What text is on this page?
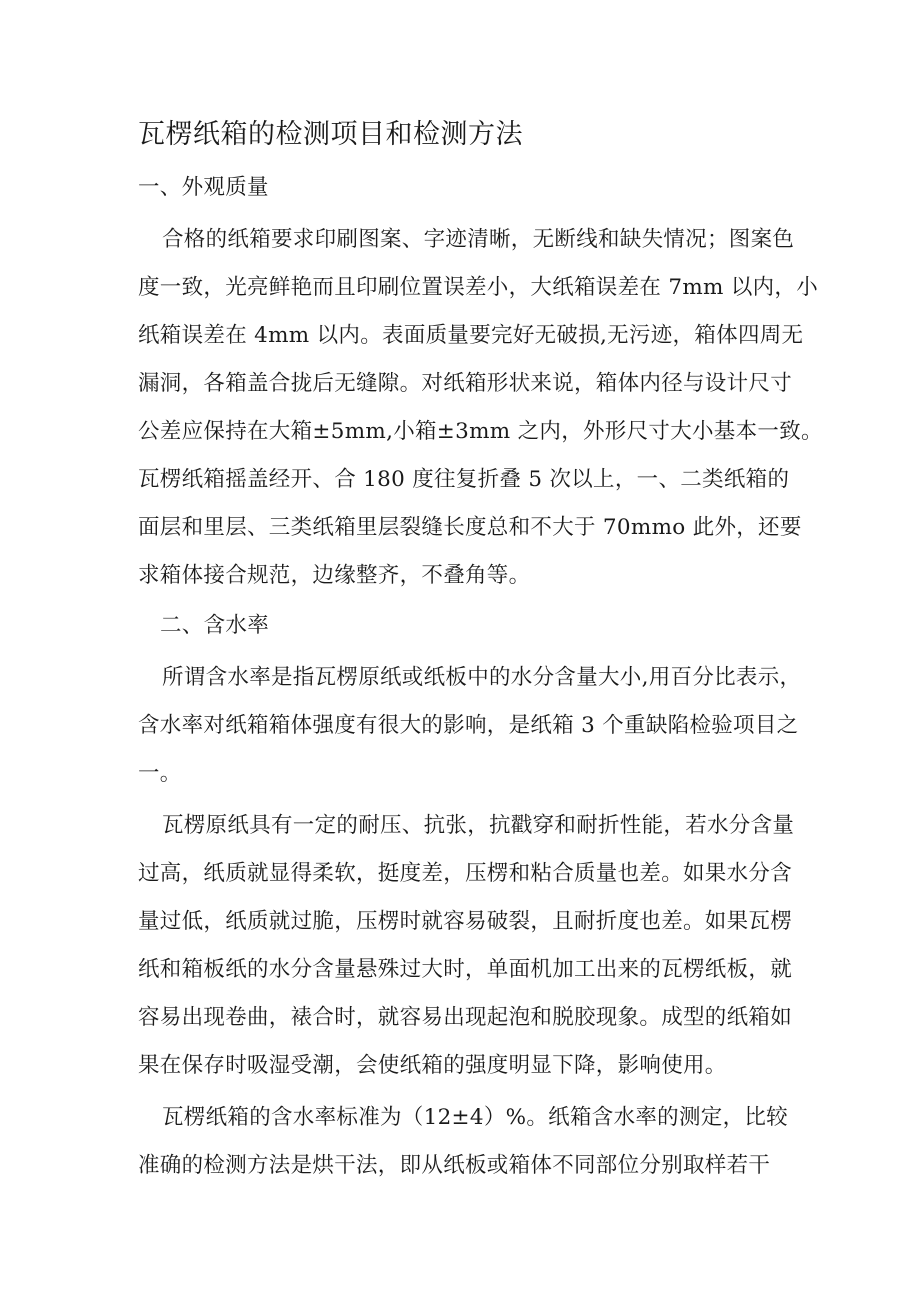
瓦楞纸箱的检测项目和检测方法
一、外观质量
合格的纸箱要求印刷图案、字迹清晰，无断线和缺失情况；图案色
度一致，光亮鲜艳而且印刷位置误差小，大纸箱误差在 7mm 以内，小
纸箱误差在 4mm 以内。表面质量要完好无破损,无污迹，箱体四周无
漏洞，各箱盖合拢后无缝隙。对纸箱形状来说，箱体内径与设计尺寸
公差应保持在大箱±5mm,小箱±3mm 之内，外形尺寸大小基本一致。
瓦楞纸箱摇盖经开、合 180 度往复折叠 5 次以上，一、二类纸箱的
面层和里层、三类纸箱里层裂缝长度总和不大于 70mmo 此外，还要
求箱体接合规范，边缘整齐，不叠角等。
二、含水率
所谓含水率是指瓦楞原纸或纸板中的水分含量大小,用百分比表示，
含水率对纸箱箱体强度有很大的影响，是纸箱 3 个重缺陷检验项目之
一。
瓦楞原纸具有一定的耐压、抗张，抗戳穿和耐折性能，若水分含量
过高，纸质就显得柔软，挺度差，压楞和粘合质量也差。如果水分含
量过低，纸质就过脆，压楞时就容易破裂，且耐折度也差。如果瓦楞
纸和箱板纸的水分含量悬殊过大时，单面机加工出来的瓦楞纸板，就
容易出现卷曲，裱合时，就容易出现起泡和脱胶现象。成型的纸箱如
果在保存时吸湿受潮，会使纸箱的强度明显下降，影响使用。
瓦楞纸箱的含水率标准为（12±4）%。纸箱含水率的测定，比较
准确的检测方法是烘干法，即从纸板或箱体不同部位分别取样若干
